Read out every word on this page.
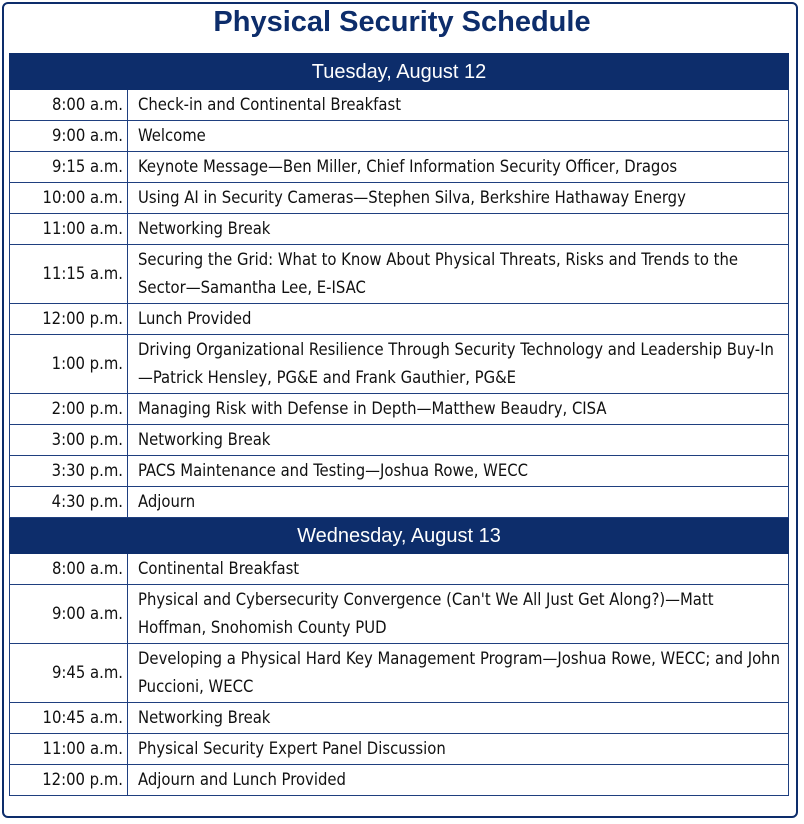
Physical Security Schedule
Tuesday, August 12	
8:00 a.m.	Check-in and Continental Breakfast
9:00 a.m.	Welcome
9:15 a.m.	Keynote Message—Ben Miller, Chief Information Security Officer, Dragos
10:00 a.m.	Using AI in Security Cameras—Stephen Silva, Berkshire Hathaway Energy
11:00 a.m.	Networking Break
11:15 a.m.	Securing the Grid: What to Know About Physical Threats, Risks and Trends to the Sector—Samantha Lee, E-ISAC
12:00 p.m.	Lunch Provided
1:00 p.m.	Driving Organizational Resilience Through Security Technology and Leadership Buy-In—Patrick Hensley, PG&E and Frank Gauthier, PG&E
2:00 p.m.	Managing Risk with Defense in Depth—Matthew Beaudry, CISA
3:00 p.m.	Networking Break
3:30 p.m.	PACS Maintenance and Testing—Joshua Rowe, WECC
4:30 p.m.	Adjourn
Wednesday, August 13	
8:00 a.m.	Continental Breakfast
9:00 a.m.	Physical and Cybersecurity Convergence (Can't We All Just Get Along?)—Matt Hoffman, Snohomish County PUD
9:45 a.m.	Developing a Physical Hard Key Management Program—Joshua Rowe, WECC; and John Puccioni, WECC
10:45 a.m.	Networking Break
11:00 a.m.	Physical Security Expert Panel Discussion
12:00 p.m.	Adjourn and Lunch Provided
